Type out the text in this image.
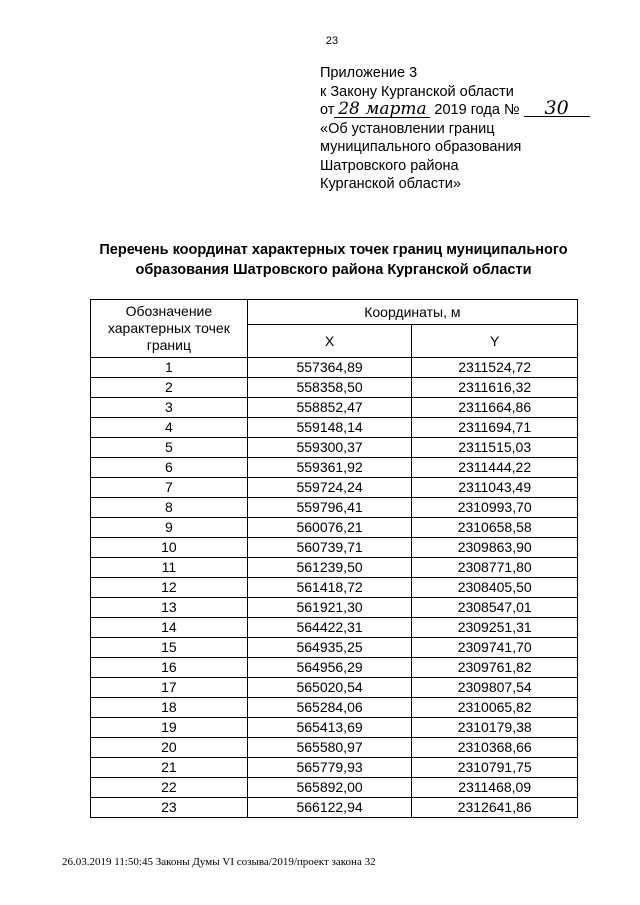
23
Приложение 3
к Закону Курганской области
от 28 марта 2019 года № 30
«Об установлении границ
муниципального образования
Шатровского района
Курганской области»
Перечень координат характерных точек границ муниципального
образования Шатровского района Курганской области
Обозначение характерных точек границ	Координаты, м	
	X	Y
1	557364,89	2311524,72
2	558358,50	2311616,32
3	558852,47	2311664,86
4	559148,14	2311694,71
5	559300,37	2311515,03
6	559361,92	2311444,22
7	559724,24	2311043,49
8	559796,41	2310993,70
9	560076,21	2310658,58
10	560739,71	2309863,90
11	561239,50	2308771,80
12	561418,72	2308405,50
13	561921,30	2308547,01
14	564422,31	2309251,31
15	564935,25	2309741,70
16	564956,29	2309761,82
17	565020,54	2309807,54
18	565284,06	2310065,82
19	565413,69	2310179,38
20	565580,97	2310368,66
21	565779,93	2310791,75
22	565892,00	2311468,09
23	566122,94	2312641,86
26.03.2019 11:50:45 Законы Думы VI созыва/2019/проект закона 32
